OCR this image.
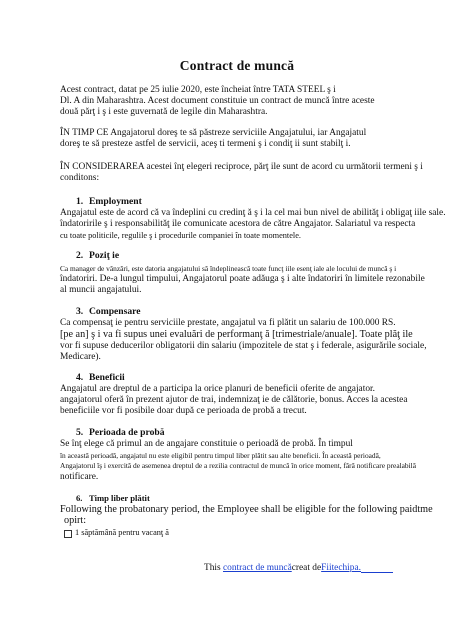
Contract de muncă
Acest contract, datat pe 25 iulie 2020, este încheiat între TATA STEEL ş i
Dl. A din Maharashtra. Acest document constituie un contract de muncă între aceste
două părţ i ş i este guvernată de legile din Maharashtra.
ÎN TIMP CE Angajatorul doreş te să păstreze serviciile Angajatului, iar Angajatul
doreş te să presteze astfel de servicii, aceş ti termeni ş i condiţ ii sunt stabilţ i.
ÎN CONSIDERAREA acestei înţ elegeri reciproce, părţ ile sunt de acord cu următorii termeni ş i
conditons:
1. Employment
Angajatul este de acord că va îndeplini cu credinţ ă ş i la cel mai bun nivel de abilităţ i obligaţ iile sale.
îndatoririle ş i responsabilităţ ile comunicate acestora de către Angajator. Salariatul va respecta
cu toate politicile, regulile ş i procedurile companiei în toate momentele.
2. Poziţ ie
Ca manager de vânzări, este datoria angajatului să îndeplinească toate funcţ iile esenţ iale ale locului de muncă ş i
îndatoriri. De-a lungul timpului, Angajatorul poate adăuga ş i alte îndatoriri în limitele rezonabile
al muncii angajatului.
3. Compensare
Ca compensaţ ie pentru serviciile prestate, angajatul va fi plătit un salariu de 100.000 RS.
[pe an] ş i va fi supus unei evaluări de performanţ ă [trimestriale/anuale]. Toate plăţ ile
vor fi supuse deducerilor obligatorii din salariu (impozitele de stat ş i federale, asigurările sociale,
Medicare).
4. Beneficii
Angajatul are dreptul de a participa la orice planuri de beneficii oferite de angajator.
angajatorul oferă în prezent ajutor de trai, indemnizaţ ie de călătorie, bonus. Acces la acestea
beneficiile vor fi posibile doar după ce perioada de probă a trecut.
5. Perioada de probă
Se înţ elege că primul an de angajare constituie o perioadă de probă. În timpul
în această perioadă, angajatul nu este eligibil pentru timpul liber plătit sau alte beneficii. În această perioadă,
Angajatorul îş i exercită de asemenea dreptul de a rezilia contractul de muncă în orice moment, fără notificare prealabilă
notificare.
6. Timp liber plătit
Following the probatonary period, the Employee shall be eligible for the following paidtme
opirt:
1 săptămână pentru vacanţ ă
This contract de muncăcreat deFiitechipa.
